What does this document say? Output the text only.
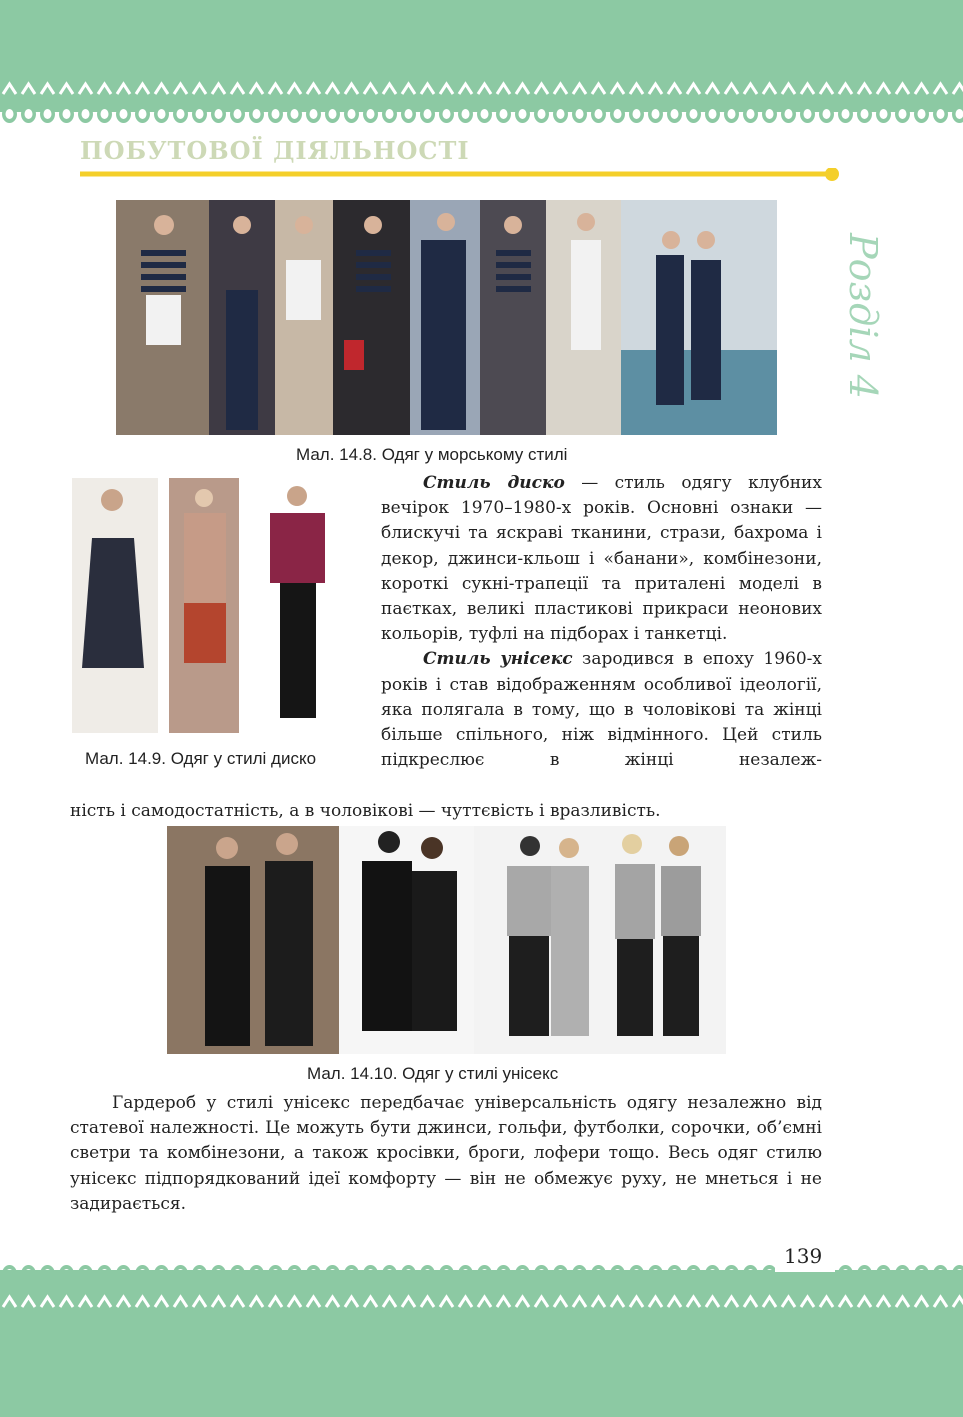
ПОБУТОВОЇ ДІЯЛЬНОСТІ
Розділ 4
Мал. 14.8. Одяг у морському стилі
Мал. 14.9. Одяг у стилі диско

Стиль диско — стиль одягу клубних вечірок 1970–1980-х років. Основні ознаки — блискучі та яскраві тканини, стрази, бахрома і декор, джинси-кльош і «банани», комбінезони, короткі сукні-трапеції та приталені моделі в паєтках, великі пластикові прикраси неонових кольорів, туфлі на підборах і танкетці.

Стиль унісекс зародився в епоху 1960-х років і став відображенням особливої ідеології, яка полягала в тому, що в чоловікові та жінці більше спільного, ніж відмінного. Цей стиль підкреслює в жінці незалеж-

ність і самодостатність, а в чоловікові — чуттєвість і вразливість.

Мал. 14.10. Одяг у стилі унісекс

Гардероб у стилі унісекс передбачає універсальність одягу незалежно від статевої належності. Це можуть бути джинси, гольфи, футболки, сорочки, об’ємні светри та комбінезони, а також кросівки, броги, лофери тощо. Весь одяг стилю унісекс підпорядкований ідеї комфорту — він не обмежує руху, не мнеться і не задирається.

139
